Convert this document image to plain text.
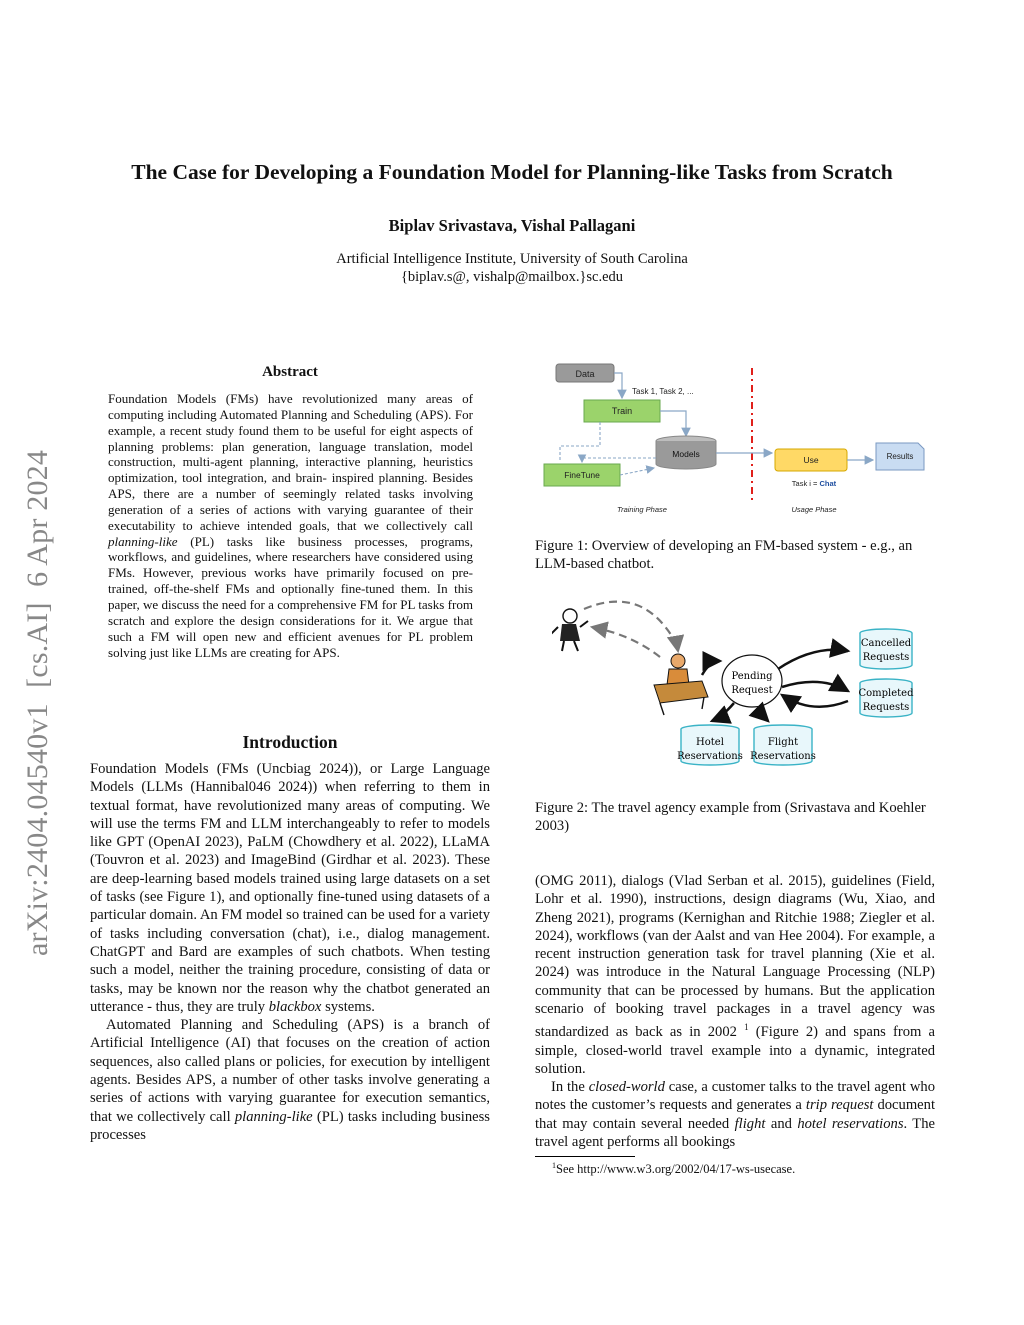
The Case for Developing a Foundation Model for Planning-like Tasks from Scratch
Biplav Srivastava, Vishal Pallagani
Artificial Intelligence Institute, University of South Carolina
{biplav.s@, vishalp@mailbox.}sc.edu
arXiv:2404.04540v1  [cs.AI]  6 Apr 2024
Abstract
Foundation Models (FMs) have revolutionized many areas of computing including Automated Planning and Scheduling (APS). For example, a recent study found them to be useful for eight aspects of planning problems: plan generation, language translation, model construction, multi-agent planning, interactive planning, heuristics optimization, tool integration, and brain- inspired planning. Besides APS, there are a number of seemingly related tasks involving generation of a series of actions with varying guarantee of their executability to achieve intended goals, that we collectively call planning-like (PL) tasks like business processes, programs, workflows, and guidelines, where researchers have considered using FMs. However, previous works have primarily focused on pre-trained, off-the-shelf FMs and optionally fine-tuned them. In this paper, we discuss the need for a comprehensive FM for PL tasks from scratch and explore the design considerations for it. We argue that such a FM will open new and efficient avenues for PL problem solving just like LLMs are creating for APS.
Introduction

Foundation Models (FMs (Uncbiag 2024)), or Large Language Models (LLMs (Hannibal046 2024)) when referring to them in textual format, have revolutionized many areas of computing. We will use the terms FM and LLM interchangeably to refer to models like GPT (OpenAI 2023), PaLM (Chowdhery et al. 2022), LLaMA (Touvron et al. 2023) and ImageBind (Girdhar et al. 2023). These are deep-learning based models trained using large datasets on a set of tasks (see Figure 1), and optionally fine-tuned using datasets of a particular domain. An FM model so trained can be used for a variety of tasks including conversation (chat), i.e., dialog management. ChatGPT and Bard are examples of such chatbots. When testing such a model, neither the training procedure, consisting of data or tasks, may be known nor the reason why the chatbot generated an utterance - thus, they are truly blackbox systems.

Automated Planning and Scheduling (APS) is a branch of Artificial Intelligence (AI) that focuses on the creation of action sequences, also called plans or policies, for execution by intelligent agents. Besides APS, a number of other tasks involve generating a series of actions with varying guarantee for execution semantics, that we collectively call planning-like (PL) tasks including business processes

Data
Task 1, Task 2, ...
Train
Models
FineTune
Use	Results
Task i = Chat
Training Phase	Usage Phase
Figure 1: Overview of developing an FM-based system - e.g., an LLM-based chatbot.
Pending
Request
Cancelled
Requests
Completed
Requests
Hotel
Reservations
Flight
Reservations
Figure 2: The travel agency example from (Srivastava and Koehler 2003)

(OMG 2011), dialogs (Vlad Serban et al. 2015), guidelines (Field, Lohr et al. 1990), instructions, design diagrams (Wu, Xiao, and Zheng 2021), programs (Kernighan and Ritchie 1988; Ziegler et al. 2024), workflows (van der Aalst and van Hee 2004). For example, a recent instruction generation task for travel planning (Xie et al. 2024) was introduce in the Natural Language Processing (NLP) community that can be processed by humans. But the application scenario of booking travel packages in a travel agency was standardized as back as in 2002 $^1$ (Figure 2) and spans from a simple, closed-world travel example into a dynamic, integrated solution.

In the closed-world case, a customer talks to the travel agent who notes the customer’s requests and generates a trip request document that may contain several needed flight and hotel reservations. The travel agent performs all bookings

$^1$See http://www.w3.org/2002/04/17-ws-usecase.
